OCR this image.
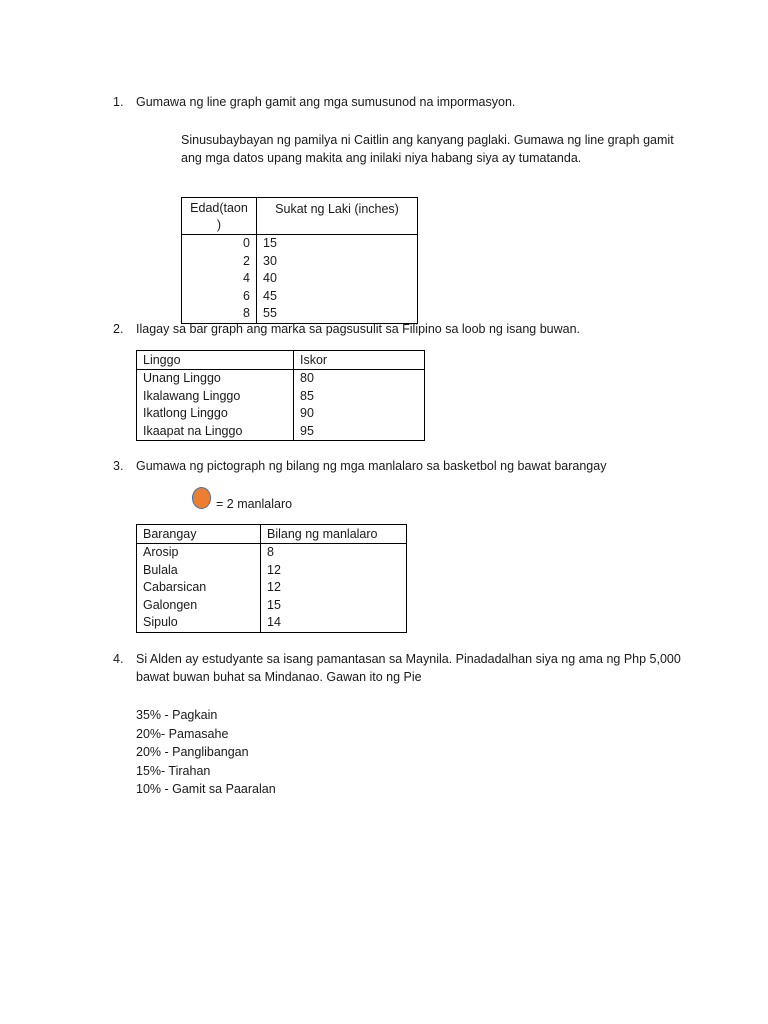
1.	Gumawa ng line graph gamit ang mga sumusunod na impormasyon.
Sinusubaybayan ng pamilya ni Caitlin ang kanyang paglaki. Gumawa ng line graph gamit
ang mga datos upang makita ang inilaki niya habang siya ay tumatanda.
Edad(taon
)	Sukat ng Laki (inches)
0	15
2	30
4	40
6	45
8	55
2.	Ilagay sa bar graph ang marka sa pagsusulit sa Filipino sa loob ng isang buwan.
Linggo	Iskor
Unang Linggo	80
Ikalawang Linggo	85
Ikatlong Linggo	90
Ikaapat na Linggo	95
3.	Gumawa ng pictograph ng bilang ng mga manlalaro sa basketbol ng bawat barangay
= 2 manlalaro
Barangay	Bilang ng manlalaro
Arosip	8
Bulala	12
Cabarsican	12
Galongen	15
Sipulo	14
4.	Si Alden ay estudyante sa isang pamantasan sa Maynila. Pinadadalhan siya ng ama ng Php 5,000
bawat buwan buhat sa Mindanao. Gawan ito ng Pie
35% - Pagkain
20%- Pamasahe
20% - Panglibangan
15%- Tirahan
10% - Gamit sa Paaralan
